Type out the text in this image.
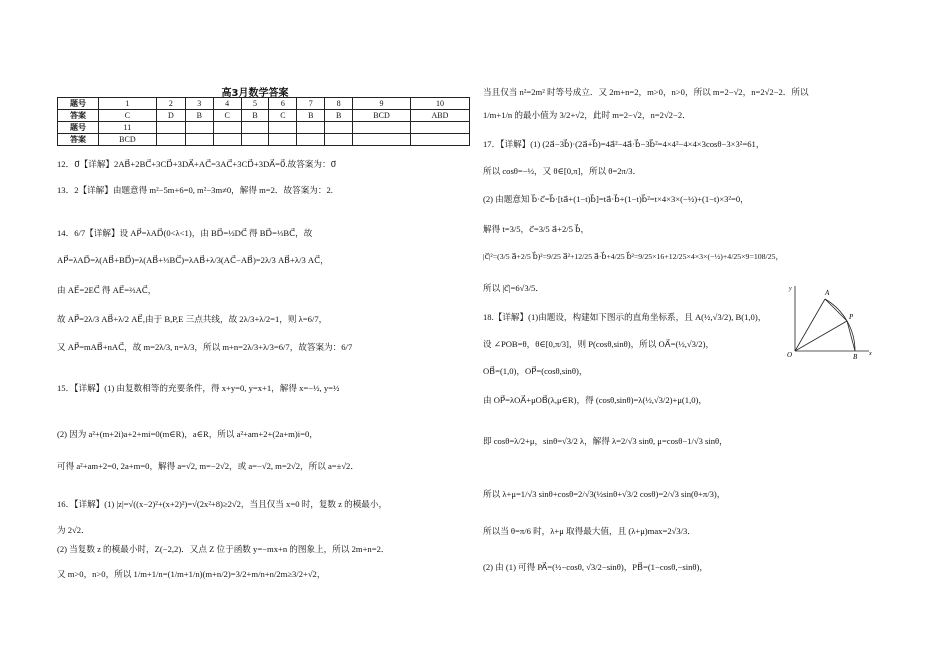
高3月数学答案
题号	1	2	3	4	5	6	7	8	9	10
答案	C	D	B	C	B	C	B	B	BCD	ABD
题号	11									
答案	BCD									
12．0⃗【详解】2AB⃗+2BC⃗+3CD⃗+3DA⃗+AC⃗=3AC⃗+3CD⃗+3DA⃗=0⃗.故答案为：0⃗
13．2【详解】由题意得 m²−5m+6=0, m²−3m≠0，解得 m=2．故答案为：2.
14．6/7【详解】设 AP⃗=λAD⃗(0<λ<1)，由 BD⃗=½DC⃗ 得 BD⃗=⅓BC⃗，故
AP⃗=λAD⃗=λ(AB⃗+BD⃗)=λ(AB⃗+⅓BC⃗)=λAB⃗+λ/3(AC⃗−AB⃗)=2λ/3 AB⃗+λ/3 AC⃗，
由 AE⃗=2EC⃗ 得 AE⃗=⅔AC⃗，
故 AP⃗=2λ/3 AB⃗+λ/2 AE⃗,由于 B,P,E 三点共线，故 2λ/3+λ/2=1，则 λ=6/7，
又 AP⃗=mAB⃗+nAC⃗，故 m=2λ/3, n=λ/3，所以 m+n=2λ/3+λ/3=6/7，故答案为：6/7
15．【详解】(1) 由复数相等的充要条件，得 x+y=0, y=x+1，解得 x=−½, y=½
(2) 因为 a²+(m+2i)a+2+mi=0(m∈R)，a∈R，所以 a²+am+2+(2a+m)i=0，
可得 a²+am+2=0, 2a+m=0，解得 a=√2, m=−2√2，或 a=−√2, m=2√2，所以 a=±√2．
16．【详解】(1) |z|=√((x−2)²+(x+2)²)=√(2x²+8)≥2√2，当且仅当 x=0 时，复数 z 的模最小，
为 2√2．
(2) 当复数 z 的模最小时，Z(−2,2)．又点 Z 位于函数 y=−mx+n 的图象上，所以 2m+n=2．
又 m>0，n>0，所以 1/m+1/n=(1/m+1/n)(m+n/2)=3/2+m/n+n/2m≥3/2+√2，
当且仅当 n²=2m² 时等号成立．又 2m+n=2，m>0，n>0，所以 m=2−√2，n=2√2−2．所以
1/m+1/n 的最小值为 3/2+√2，此时 m=2−√2，n=2√2−2．
17．【详解】(1) (2a⃗−3b⃗)·(2a⃗+b⃗)=4a⃗²−4a⃗·b⃗−3b⃗²=4×4²−4×4×3cosθ−3×3²=61，
所以 cosθ=−½，又 θ∈[0,π]，所以 θ=2π/3．
(2) 由题意知 b⃗·c⃗=b⃗·[ta⃗+(1−t)b⃗]=ta⃗·b⃗+(1−t)b⃗²=t×4×3×(−½)+(1−t)×3²=0，
解得 t=3/5，c⃗=3/5 a⃗+2/5 b⃗，
|c⃗|²=(3/5 a⃗+2/5 b⃗)²=9/25 a⃗²+12/25 a⃗·b⃗+4/25 b⃗²=9/25×16+12/25×4×3×(−½)+4/25×9=108/25，
所以 |c⃗|=6√3/5．
18.【详解】(1)由题设，构建如下图示的直角坐标系，且 A(½,√3/2), B(1,0)，
设 ∠POB=θ，θ∈[0,π/3]，则 P(cosθ,sinθ)，所以 OA⃗=(½,√3/2)，
OB⃗=(1,0)，OP⃗=(cosθ,sinθ)，
由 OP⃗=λOA⃗+μOB⃗(λ,μ∈R)，得 (cosθ,sinθ)=λ(½,√3/2)+μ(1,0)，
即 cosθ=λ/2+μ，sinθ=√3/2 λ，解得 λ=2/√3 sinθ, μ=cosθ−1/√3 sinθ，
所以 λ+μ=1/√3 sinθ+cosθ=2/√3(½sinθ+√3/2 cosθ)=2/√3 sin(θ+π/3)，
所以当 θ=π/6 时，λ+μ 取得最大值，且 (λ+μ)max=2√3/3．
(2) 由 (1) 可得 PA⃗=(½−cosθ, √3/2−sinθ)，PB⃗=(1−cosθ,−sinθ)，
y	A
P
O	B x
